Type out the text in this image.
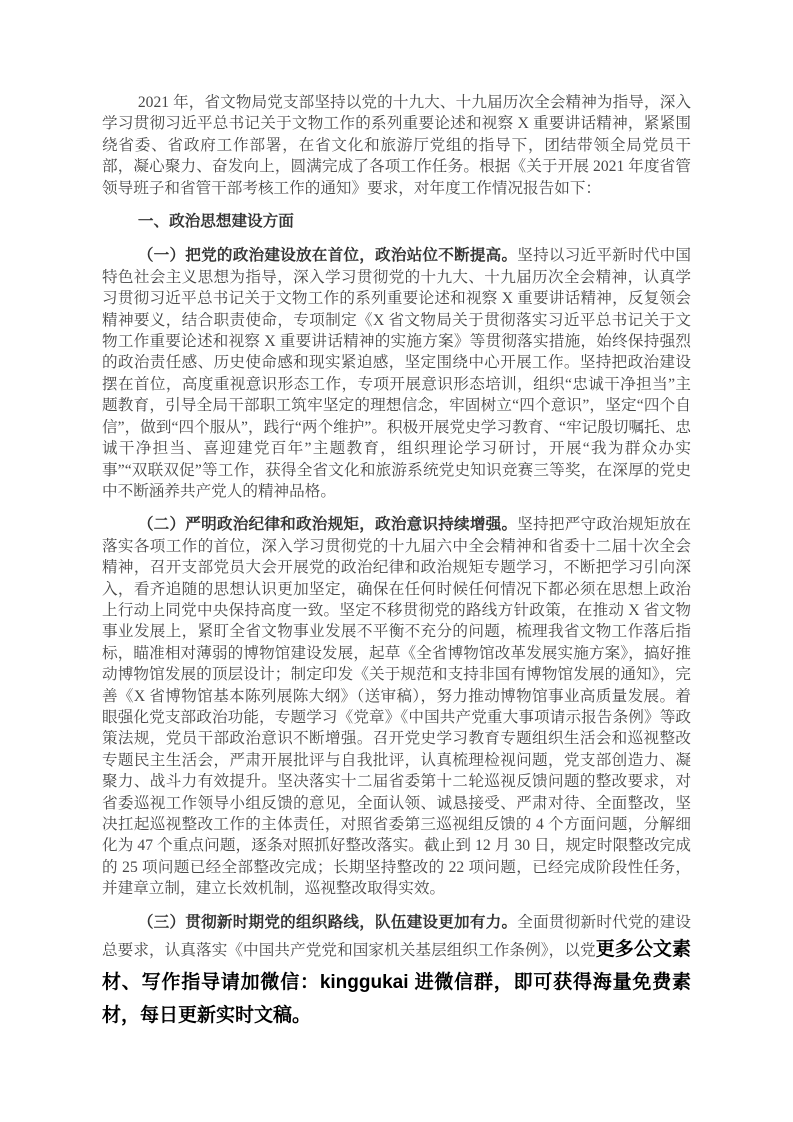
2021 年，省文物局党支部坚持以党的十九大、十九届历次全会精神为指导，深入学习贯彻习近平总书记关于文物工作的系列重要论述和视察 X 重要讲话精神，紧紧围绕省委、省政府工作部署，在省文化和旅游厅党组的指导下，团结带领全局党员干部，凝心聚力、奋发向上，圆满完成了各项工作任务。根据《关于开展 2021 年度省管领导班子和省管干部考核工作的通知》要求，对年度工作情况报告如下：

一、政治思想建设方面

（一）把党的政治建设放在首位，政治站位不断提高。坚持以习近平新时代中国特色社会主义思想为指导，深入学习贯彻党的十九大、十九届历次全会精神，认真学习贯彻习近平总书记关于文物工作的系列重要论述和视察 X 重要讲话精神，反复领会精神要义，结合职责使命，专项制定《X 省文物局关于贯彻落实习近平总书记关于文物工作重要论述和视察 X 重要讲话精神的实施方案》等贯彻落实措施，始终保持强烈的政治责任感、历史使命感和现实紧迫感，坚定围绕中心开展工作。坚持把政治建设摆在首位，高度重视意识形态工作，专项开展意识形态培训，组织“忠诚干净担当”主题教育，引导全局干部职工筑牢坚定的理想信念，牢固树立“四个意识”，坚定“四个自信”，做到“四个服从”，践行“两个维护”。积极开展党史学习教育、“牢记殷切嘱托、忠诚干净担当、喜迎建党百年”主题教育，组织理论学习研讨，开展“我为群众办实事”“双联双促”等工作，获得全省文化和旅游系统党史知识竞赛三等奖，在深厚的党史中不断涵养共产党人的精神品格。

（二）严明政治纪律和政治规矩，政治意识持续增强。坚持把严守政治规矩放在落实各项工作的首位，深入学习贯彻党的十九届六中全会精神和省委十二届十次全会精神，召开支部党员大会开展党的政治纪律和政治规矩专题学习，不断把学习引向深入，看齐追随的思想认识更加坚定，确保在任何时候任何情况下都必须在思想上政治上行动上同党中央保持高度一致。坚定不移贯彻党的路线方针政策，在推动 X 省文物事业发展上，紧盯全省文物事业发展不平衡不充分的问题，梳理我省文物工作落后指标，瞄准相对薄弱的博物馆建设发展，起草《全省博物馆改革发展实施方案》，搞好推动博物馆发展的顶层设计；制定印发《关于规范和支持非国有博物馆发展的通知》，完善《X 省博物馆基本陈列展陈大纲》（送审稿），努力推动博物馆事业高质量发展。着眼强化党支部政治功能，专题学习《党章》《中国共产党重大事项请示报告条例》等政策法规，党员干部政治意识不断增强。召开党史学习教育专题组织生活会和巡视整改专题民主生活会，严肃开展批评与自我批评，认真梳理检视问题，党支部创造力、凝聚力、战斗力有效提升。坚决落实十二届省委第十二轮巡视反馈问题的整改要求，对省委巡视工作领导小组反馈的意见，全面认领、诚恳接受、严肃对待、全面整改，坚决扛起巡视整改工作的主体责任，对照省委第三巡视组反馈的 4 个方面问题，分解细化为 47 个重点问题，逐条对照抓好整改落实。截止到 12 月 30 日，规定时限整改完成的 25 项问题已经全部整改完成；长期坚持整改的 22 项问题，已经完成阶段性任务，并建章立制，建立长效机制，巡视整改取得实效。

（三）贯彻新时期党的组织路线，队伍建设更加有力。全面贯彻新时代党的建设总要求，认真落实《中国共产党党和国家机关基层组织工作条例》，以党更多公文素材、写作指导请加微信：kinggukai 进微信群，即可获得海量免费素材，每日更新实时文稿。
